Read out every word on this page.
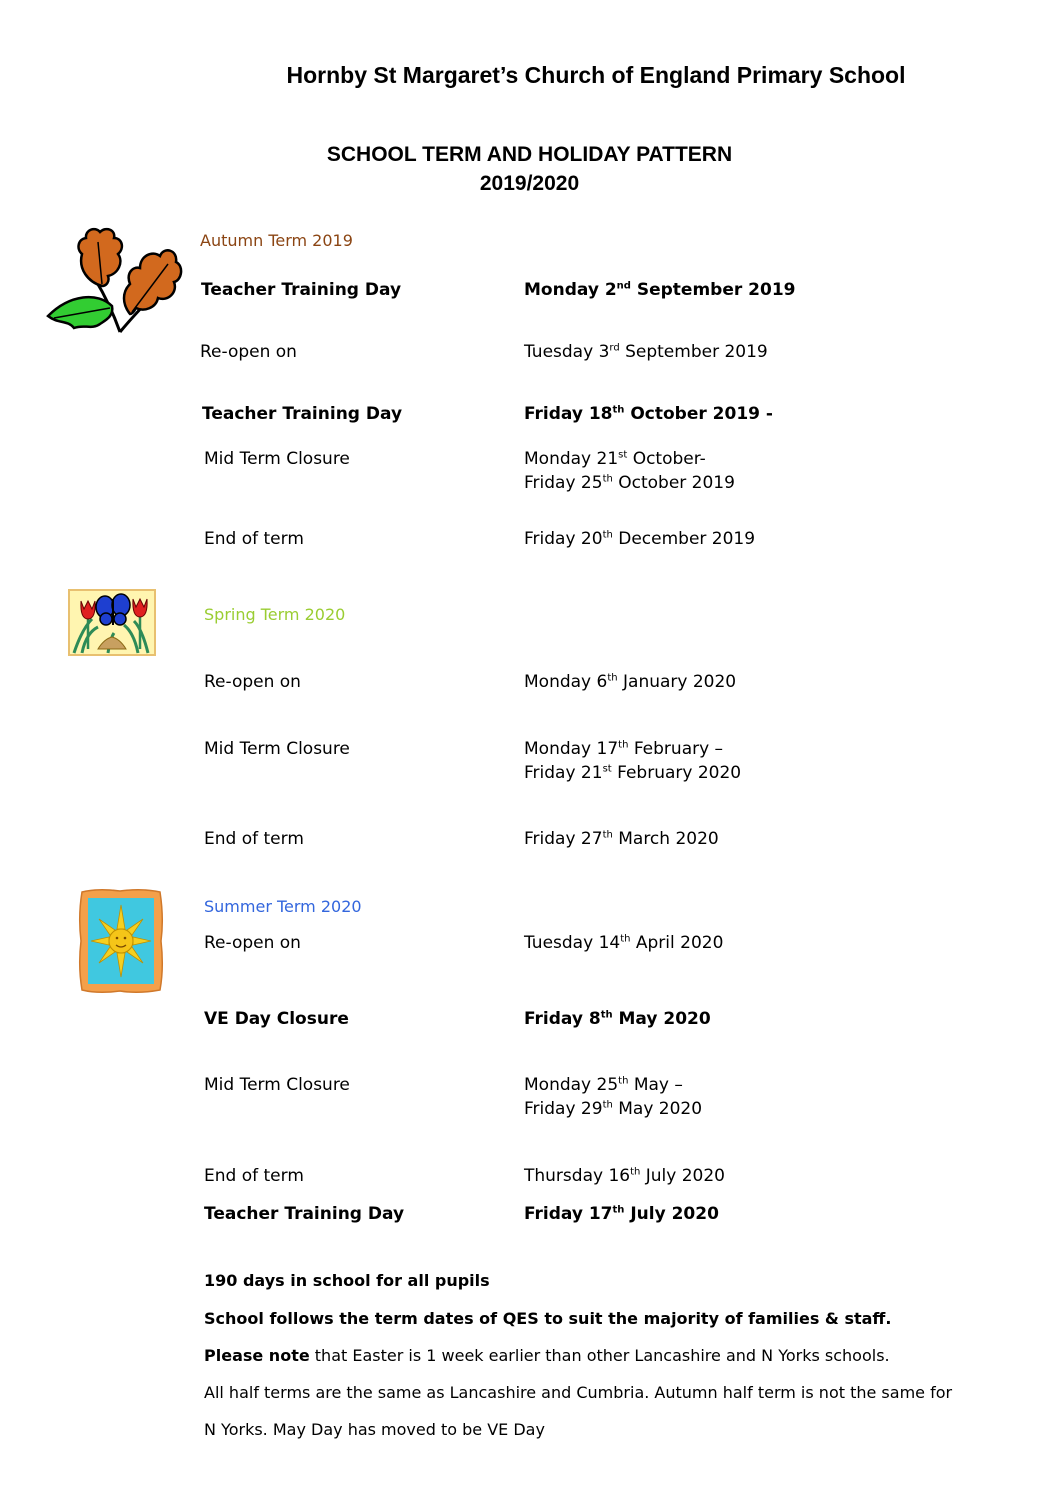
Hornby St Margaret’s Church of England Primary School
SCHOOL TERM AND HOLIDAY PATTERN
2019/2020
Autumn Term 2019
Teacher Training Day	Monday 2nd September 2019
Re-open on	Tuesday 3rd September 2019
Teacher Training Day	Friday 18th October 2019 -
Mid Term Closure	Monday 21st October-
Friday 25th October 2019
End of term	Friday 20th December 2019
Spring Term 2020
Re-open on	Monday 6th January 2020
Mid Term Closure	Monday 17th February –
Friday 21st February 2020
End of term	Friday 27th March 2020
Summer Term 2020
Re-open on	Tuesday 14th April 2020
VE Day Closure	Friday 8th May 2020
Mid Term Closure	Monday 25th May –
Friday 29th May 2020
End of term	Thursday 16th July 2020
Teacher Training Day	Friday 17th July 2020
190 days in school for all pupils
School follows the term dates of QES to suit the majority of families & staff.
Please note that Easter is 1 week earlier than other Lancashire and N Yorks schools.
All half terms are the same as Lancashire and Cumbria. Autumn half term is not the same for
N Yorks. May Day has moved to be VE Day
